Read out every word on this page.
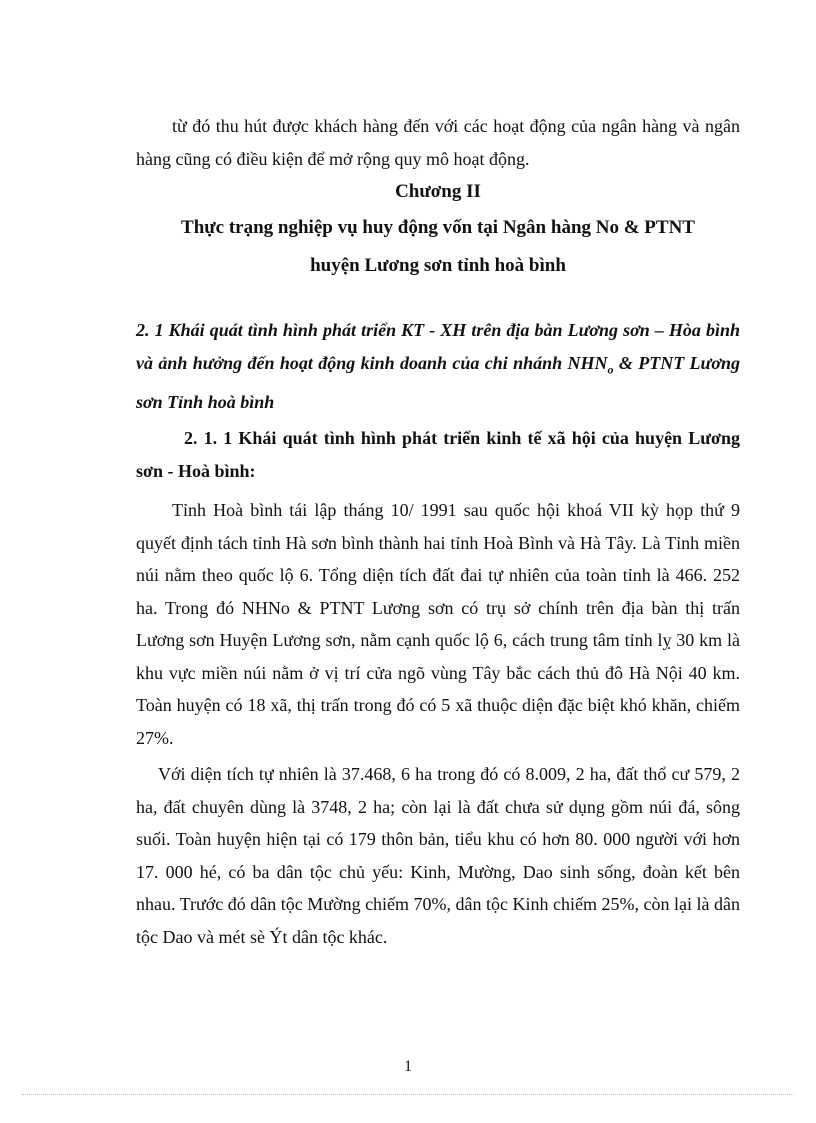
từ đó thu hút được khách hàng đến với các hoạt động của ngân hàng và ngân hàng cũng có điều kiện để mở rộng quy mô hoạt động.

Chương II

Thực trạng nghiệp vụ huy động vốn tại Ngân hàng No & PTNT

huyện Lương sơn tỉnh hoà bình

2. 1 Khái quát tình hình phát triển KT - XH trên địa bàn Lương sơn – Hòa bình và ảnh hưởng đến hoạt động kinh doanh của chi nhánh $NHN_o$ & PTNT Lương sơn Tỉnh hoà bình

2. 1. 1 Khái quát tình hình phát triển kinh tế xã hội của huyện Lương sơn - Hoà bình:

Tỉnh Hoà bình tái lập tháng 10/ 1991 sau quốc hội khoá VII kỳ họp thứ 9 quyết định tách tỉnh Hà sơn bình thành hai tỉnh Hoà Bình và Hà Tây. Là Tỉnh miền núi nằm theo quốc lộ 6. Tổng diện tích đất đai tự nhiên của toàn tỉnh là 466. 252 ha. Trong đó NHNo & PTNT Lương sơn có trụ sở chính trên địa bàn thị trấn Lương sơn Huyện Lương sơn, nằm cạnh quốc lộ 6, cách trung tâm tỉnh lỵ 30 km là khu vực miền núi nằm ở vị trí cửa ngõ vùng Tây bắc cách thủ đô Hà Nội 40 km. Toàn huyện có 18 xã, thị trấn trong đó có 5 xã thuộc diện đặc biệt khó khăn, chiếm 27%.

Với diện tích tự nhiên là 37.468, 6 ha trong đó có 8.009, 2 ha, đất thổ cư 579, 2 ha, đất chuyên dùng là 3748, 2 ha; còn lại là đất chưa sử dụng gồm núi đá, sông suối. Toàn huyện hiện tại có 179 thôn bản, tiểu khu có hơn 80. 000 người với hơn 17. 000 hé, có ba dân tộc chủ yếu: Kinh, Mường, Dao sinh sống, đoàn kết bên nhau. Trước đó dân tộc Mường chiếm 70%, dân tộc Kinh chiếm 25%, còn lại là dân tộc Dao và mét sè Ýt dân tộc khác.

1
